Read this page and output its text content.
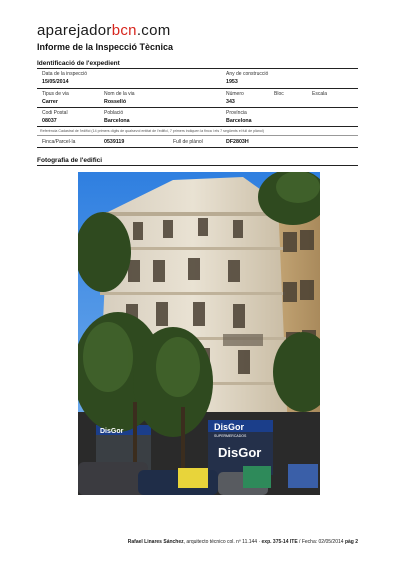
aparejadorbcn.com
Informe de la Inspecció Tècnica
Identificació de l'expedient
Data de la inspecció	Any de construcció
15/05/2014	1953
Tipus de via	Nom de la via	Número	Bloc	Escala
Carrer	Rosselló	343
Codi Postal	Població	Província
08037	Barcelona	Barcelona
Referència Cadastral de l'edifici (14 primers dígits de qualsevol entitat de l'edifici, 7 primers indiquen la finca i els 7 següents el full de plànol)
Finca/Parcel·la	0539119	Full de plànol	DF2803H
Fotografia de l'edifici
DisGor	DisGor
SUPERMERCADOS
DisGor
Rafael Linares Sánchez, arquitecto técnico col. nº 11.144 · exp. 375-14 ITE / Fecha: 02/05/2014 pàg 2
